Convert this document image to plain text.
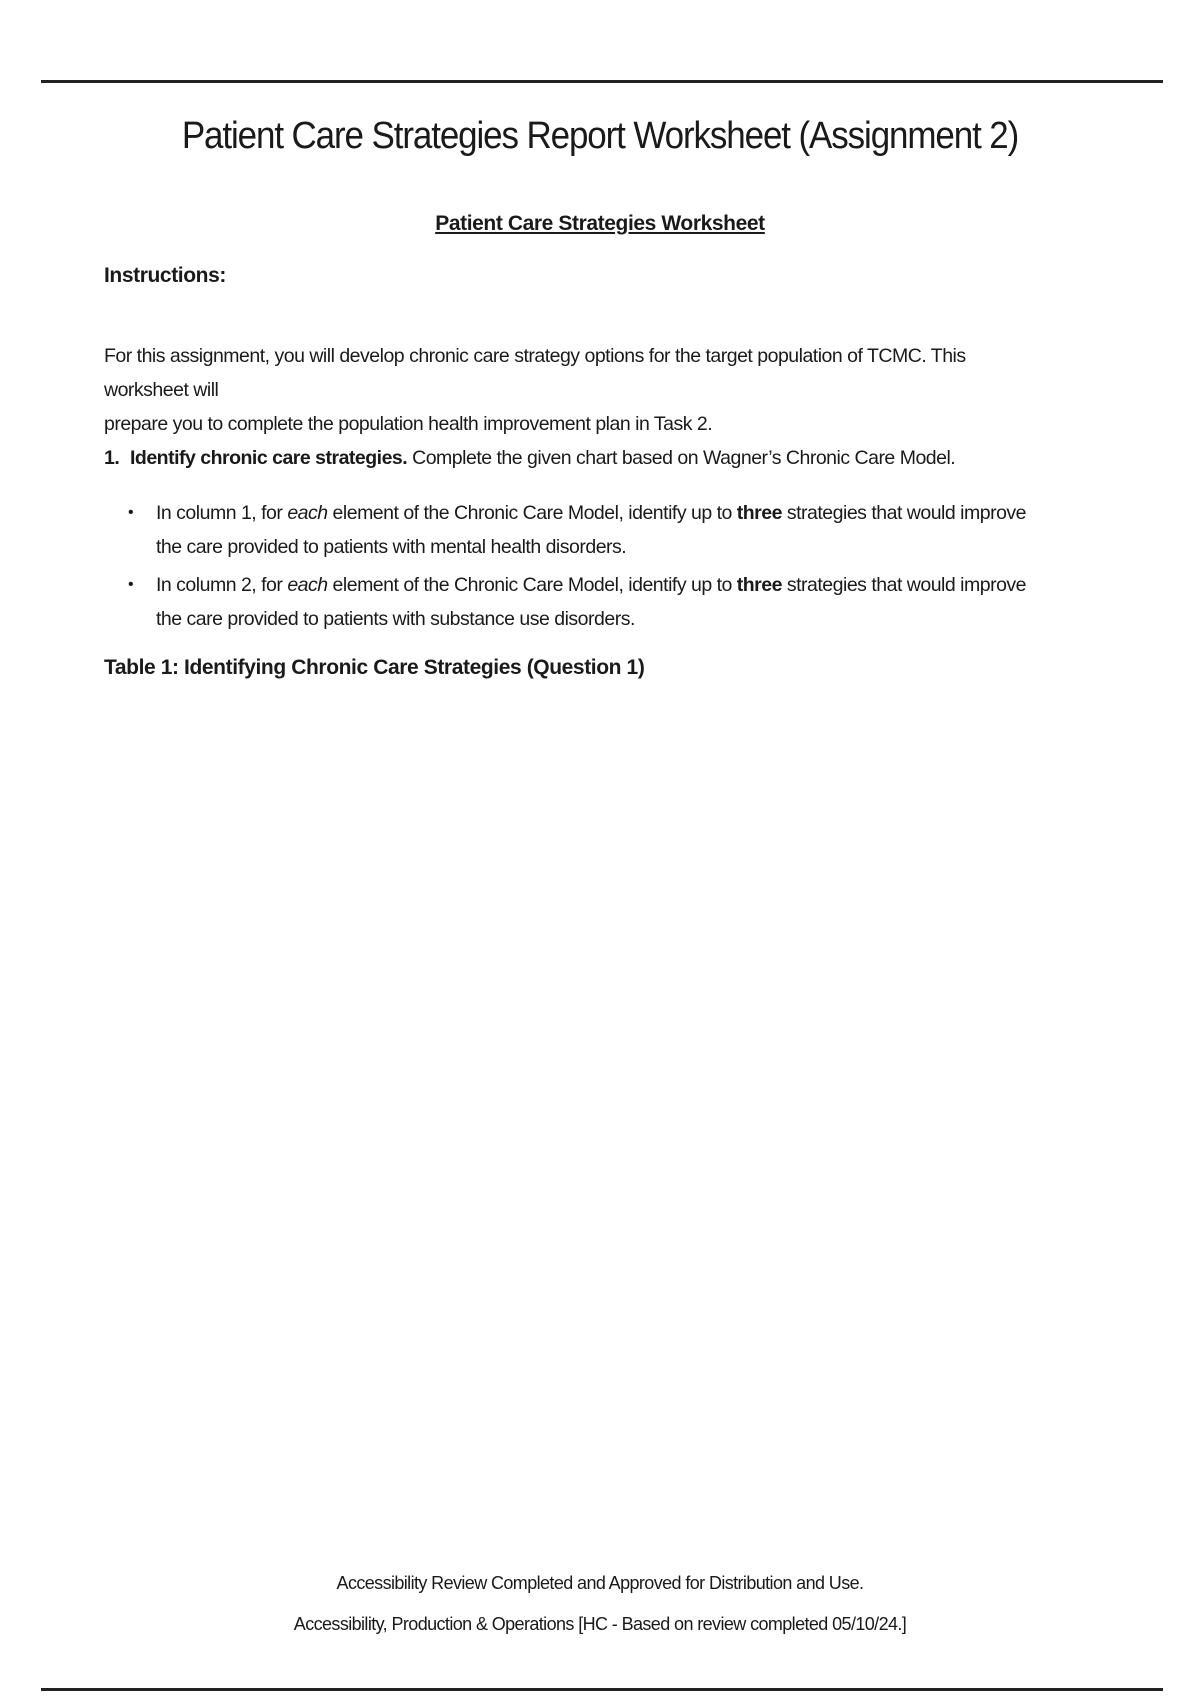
Patient Care Strategies Report Worksheet (Assignment 2)
Patient Care Strategies Worksheet
Instructions:

For this assignment, you will develop chronic care strategy options for the target population of TCMC. This worksheet will
prepare you to complete the population health improvement plan in Task 2.

1. Identify chronic care strategies. Complete the given chart based on Wagner’s Chronic Care Model.
• In column 1, for each element of the Chronic Care Model, identify up to three strategies that would improve the care provided to patients with mental health disorders.
• In column 2, for each element of the Chronic Care Model, identify up to three strategies that would improve the care provided to patients with substance use disorders.
Table 1: Identifying Chronic Care Strategies (Question 1)
Accessibility Review Completed and Approved for Distribution and Use.
Accessibility, Production & Operations [HC - Based on review completed 05/10/24.]
